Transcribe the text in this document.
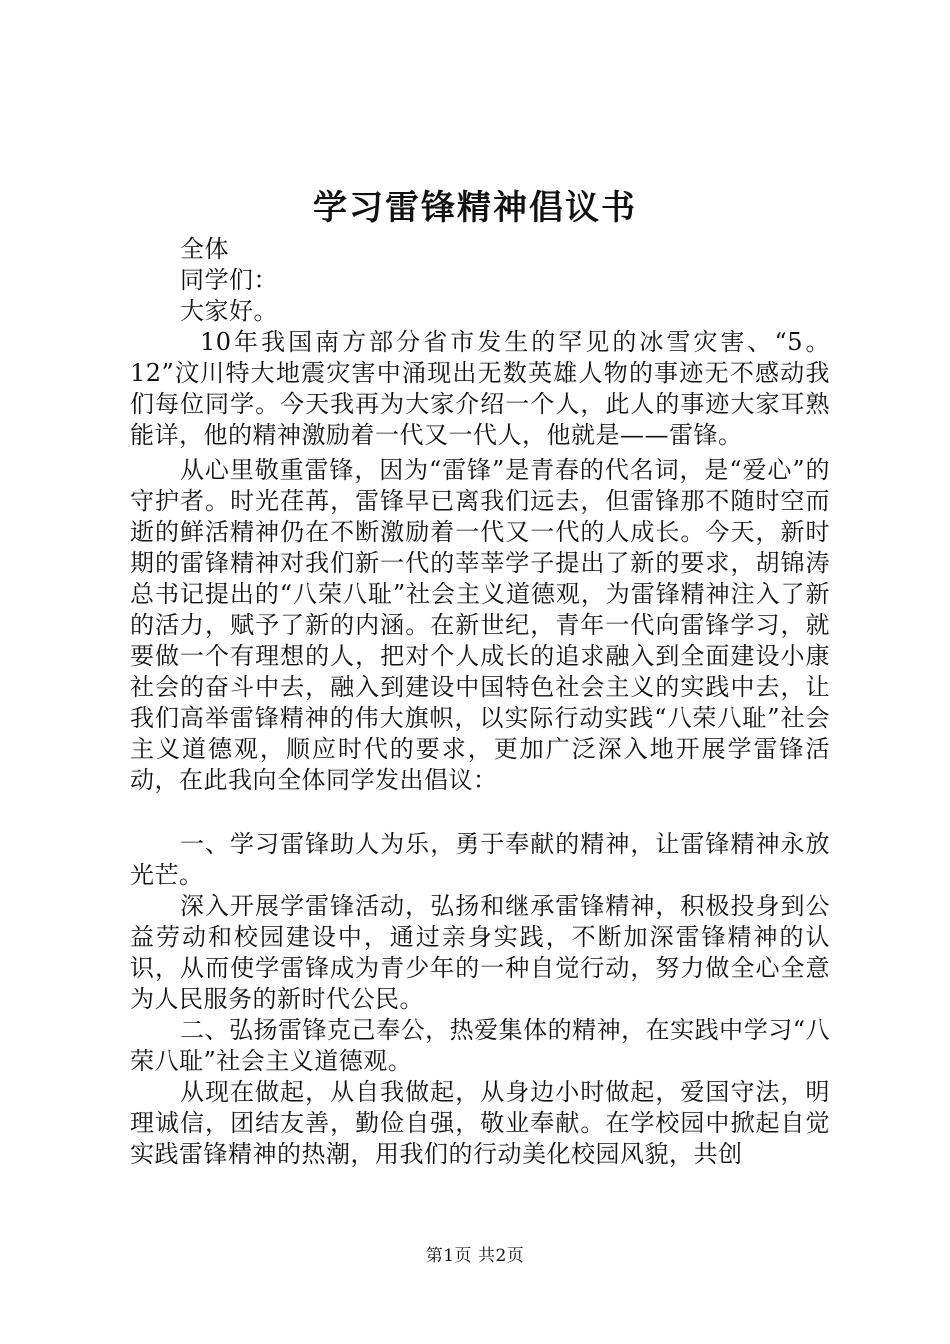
学习雷锋精神倡议书

全体

同学们：

大家好。

10年我国南方部分省市发生的罕见的冰雪灾害、“5。12”汶川特大地震灾害中涌现出无数英雄人物的事迹无不感动我们每位同学。今天我再为大家介绍一个人，此人的事迹大家耳熟能详，他的精神激励着一代又一代人，他就是——雷锋。

从心里敬重雷锋，因为“雷锋”是青春的代名词，是“爱心”的守护者。时光荏苒，雷锋早已离我们远去，但雷锋那不随时空而逝的鲜活精神仍在不断激励着一代又一代的人成长。今天，新时期的雷锋精神对我们新一代的莘莘学子提出了新的要求，胡锦涛总书记提出的“八荣八耻”社会主义道德观，为雷锋精神注入了新的活力，赋予了新的内涵。在新世纪，青年一代向雷锋学习，就要做一个有理想的人，把对个人成长的追求融入到全面建设小康社会的奋斗中去，融入到建设中国特色社会主义的实践中去，让我们高举雷锋精神的伟大旗帜，以实际行动实践“八荣八耻”社会主义道德观，顺应时代的要求，更加广泛深入地开展学雷锋活动，在此我向全体同学发出倡议：

一、学习雷锋助人为乐，勇于奉献的精神，让雷锋精神永放光芒。

深入开展学雷锋活动，弘扬和继承雷锋精神，积极投身到公益劳动和校园建设中，通过亲身实践，不断加深雷锋精神的认识，从而使学雷锋成为青少年的一种自觉行动，努力做全心全意为人民服务的新时代公民。

二、弘扬雷锋克己奉公，热爱集体的精神，在实践中学习“八荣八耻”社会主义道德观。

从现在做起，从自我做起，从身边小时做起，爱国守法，明理诚信，团结友善，勤俭自强，敬业奉献。在学校园中掀起自觉实践雷锋精神的热潮，用我们的行动美化校园风貌，共创

第1页 共2页
